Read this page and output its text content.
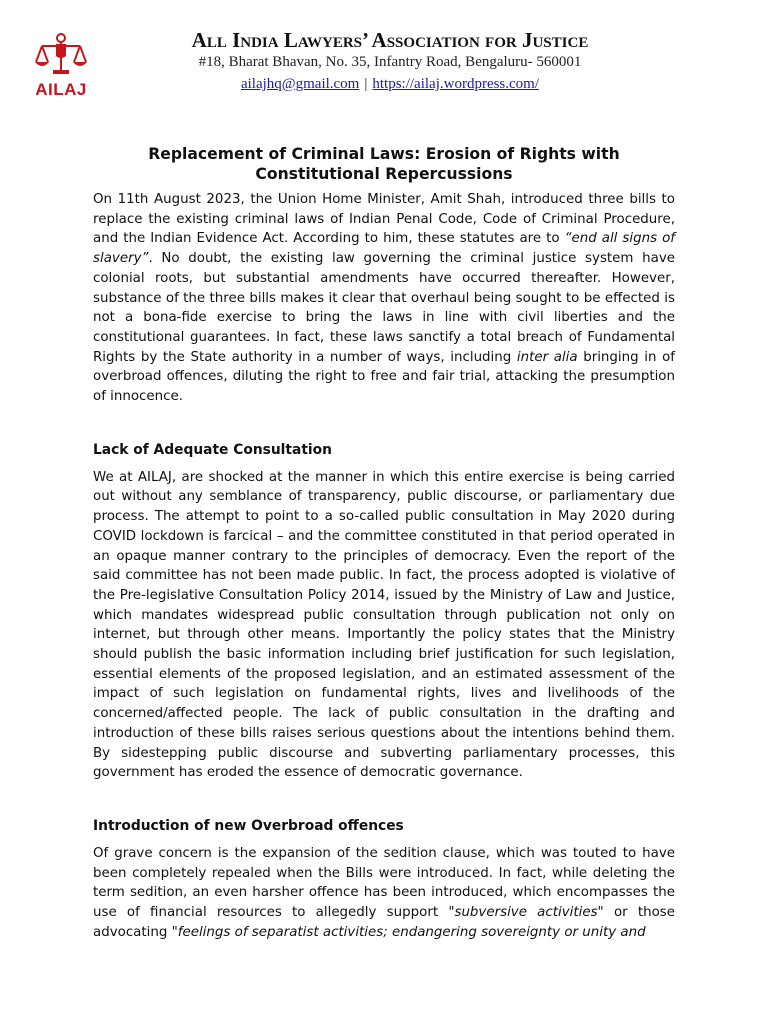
AILAJ
All India Lawyers’ Association for Justice
#18, Bharat Bhavan, No. 35, Infantry Road, Bengaluru- 560001
ailajhq@gmail.com | https://ailaj.wordpress.com/
Replacement of Criminal Laws: Erosion of Rights with
Constitutional Repercussions

On 11th August 2023, the Union Home Minister, Amit Shah, introduced three bills to replace the existing criminal laws of Indian Penal Code, Code of Criminal Procedure, and the Indian Evidence Act. According to him, these statutes are to “end all signs of slavery”. No doubt, the existing law governing the criminal justice system have colonial roots, but substantial amendments have occurred thereafter. However, substance of the three bills makes it clear that overhaul being sought to be effected is not a bona-fide exercise to bring the laws in line with civil liberties and the constitutional guarantees. In fact, these laws sanctify a total breach of Fundamental Rights by the State authority in a number of ways, including inter alia bringing in of overbroad offences, diluting the right to free and fair trial, attacking the presumption of innocence.

Lack of Adequate Consultation

We at AILAJ, are shocked at the manner in which this entire exercise is being carried out without any semblance of transparency, public discourse, or parliamentary due process. The attempt to point to a so-called public consultation in May 2020 during COVID lockdown is farcical – and the committee constituted in that period operated in an opaque manner contrary to the principles of democracy. Even the report of the said committee has not been made public. In fact, the process adopted is violative of the Pre-legislative Consultation Policy 2014, issued by the Ministry of Law and Justice, which mandates widespread public consultation through publication not only on internet, but through other means. Importantly the policy states that the Ministry should publish the basic information including brief justification for such legislation, essential elements of the proposed legislation, and an estimated assessment of the impact of such legislation on fundamental rights, lives and livelihoods of the concerned/affected people. The lack of public consultation in the drafting and introduction of these bills raises serious questions about the intentions behind them. By sidestepping public discourse and subverting parliamentary processes, this government has eroded the essence of democratic governance.

Introduction of new Overbroad offences

Of grave concern is the expansion of the sedition clause, which was touted to have been completely repealed when the Bills were introduced. In fact, while deleting the term sedition, an even harsher offence has been introduced, which encompasses the use of financial resources to allegedly support "subversive activities" or those advocating "feelings of separatist activities; endangering sovereignty or unity and
